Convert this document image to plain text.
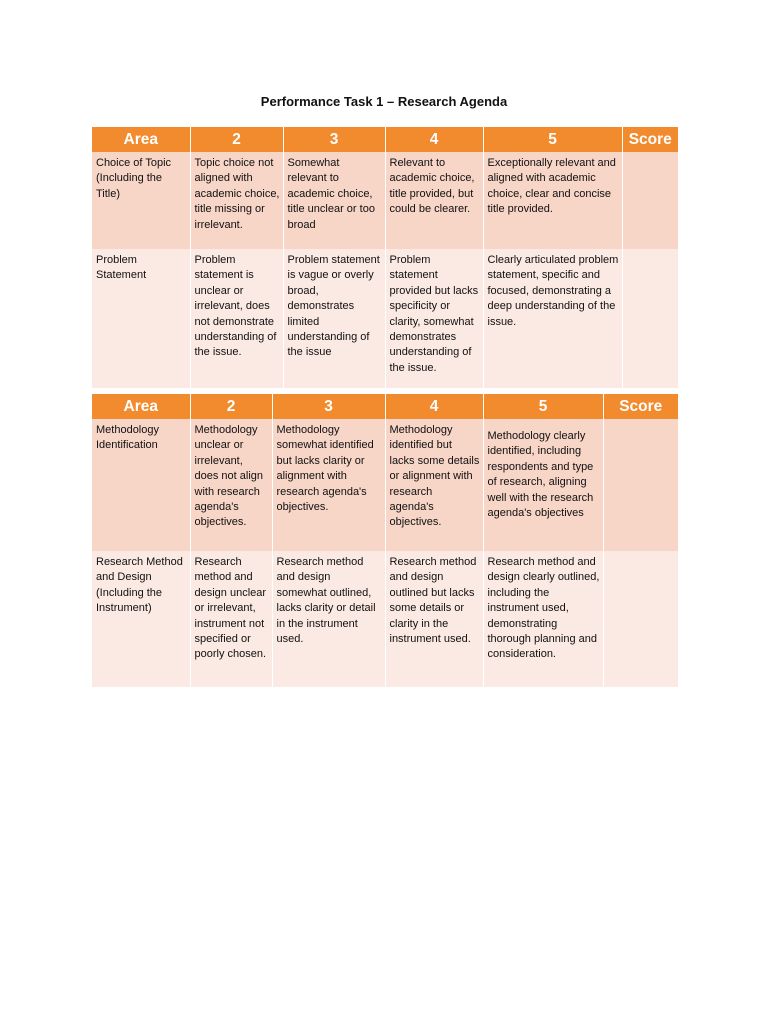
Performance Task 1 – Research Agenda
Area	2	3	4	5	Score
Choice of Topic (Including the Title)	Topic choice not aligned with academic choice, title missing or irrelevant.	Somewhat relevant to academic choice, title unclear or too broad	Relevant to academic choice, title provided, but could be clearer.	Exceptionally relevant and aligned with academic choice, clear and concise title provided.	
Problem Statement	Problem statement is unclear or irrelevant, does not demonstrate understanding of the issue.	Problem statement is vague or overly broad, demonstrates limited understanding of the issue	Problem statement provided but lacks specificity or clarity, somewhat demonstrates understanding of the issue.	Clearly articulated problem statement, specific and focused, demonstrating a deep understanding of the issue.	
Area	2	3	4	5	Score
Methodology Identification	Methodology unclear or irrelevant, does not align with research agenda's objectives.	Methodology somewhat identified but lacks clarity or alignment with research agenda's objectives.	Methodology identified but lacks some details or alignment with research agenda's objectives.	Methodology clearly identified, including respondents and type of research, aligning well with the research agenda's objectives	
Research Method and Design (Including the Instrument)	Research method and design unclear or irrelevant, instrument not specified or poorly chosen.	Research method and design somewhat outlined, lacks clarity or detail in the instrument used.	Research method and design outlined but lacks some details or clarity in the instrument used.	Research method and design clearly outlined, including the instrument used, demonstrating thorough planning and consideration.	
